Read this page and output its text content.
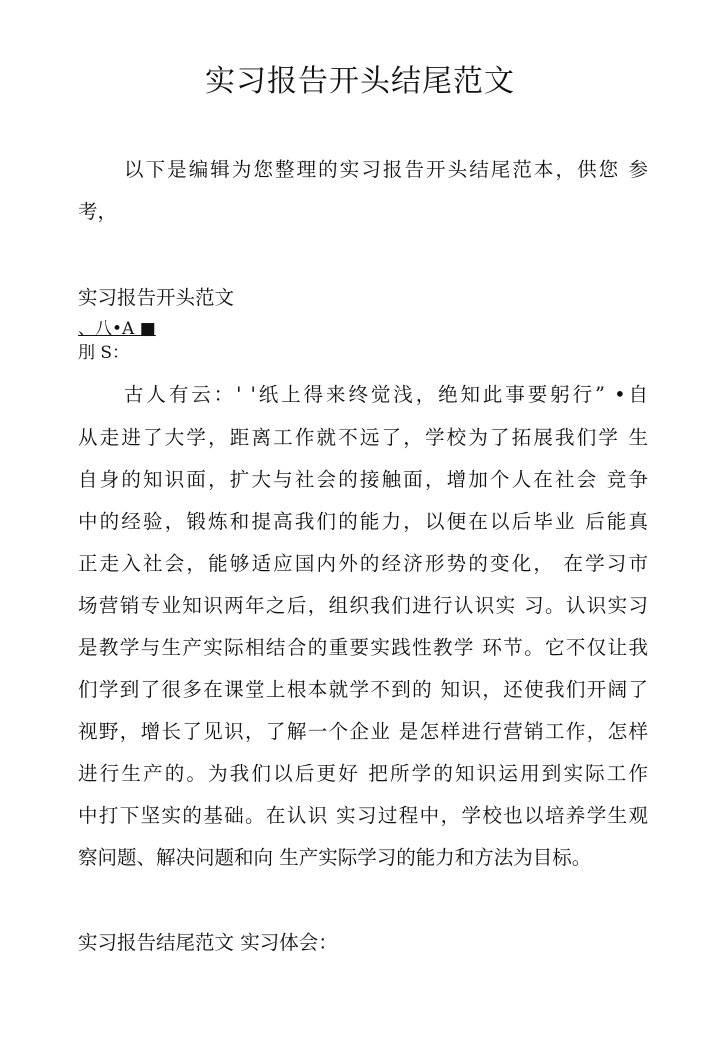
实习报告开头结尾范文
以下是编辑为您整理的实习报告开头结尾范本，供您 参
考，
实习报告开头范文
、八•A ■
刖 S：
古人有云：' '纸上得来终觉浅，绝知此事要躬行” •自
从走进了大学，距离工作就不远了，学校为了拓展我们学 生
自身的知识面，扩大与社会的接触面，增加个人在社会 竞争
中的经验，锻炼和提高我们的能力，以便在以后毕业 后能真
正走入社会，能够适应国内外的经济形势的变化， 在学习市
场营销专业知识两年之后，组织我们进行认识实 习。认识实习
是教学与生产实际相结合的重要实践性教学 环节。它不仅让我
们学到了很多在课堂上根本就学不到的 知识，还使我们开阔了
视野，增长了见识，了解一个企业 是怎样进行营销工作，怎样
进行生产的。为我们以后更好 把所学的知识运用到实际工作
中打下坚实的基础。在认识 实习过程中，学校也以培养学生观
察问题、解决问题和向 生产实际学习的能力和方法为目标。
实习报告结尾范文 实习体会：
